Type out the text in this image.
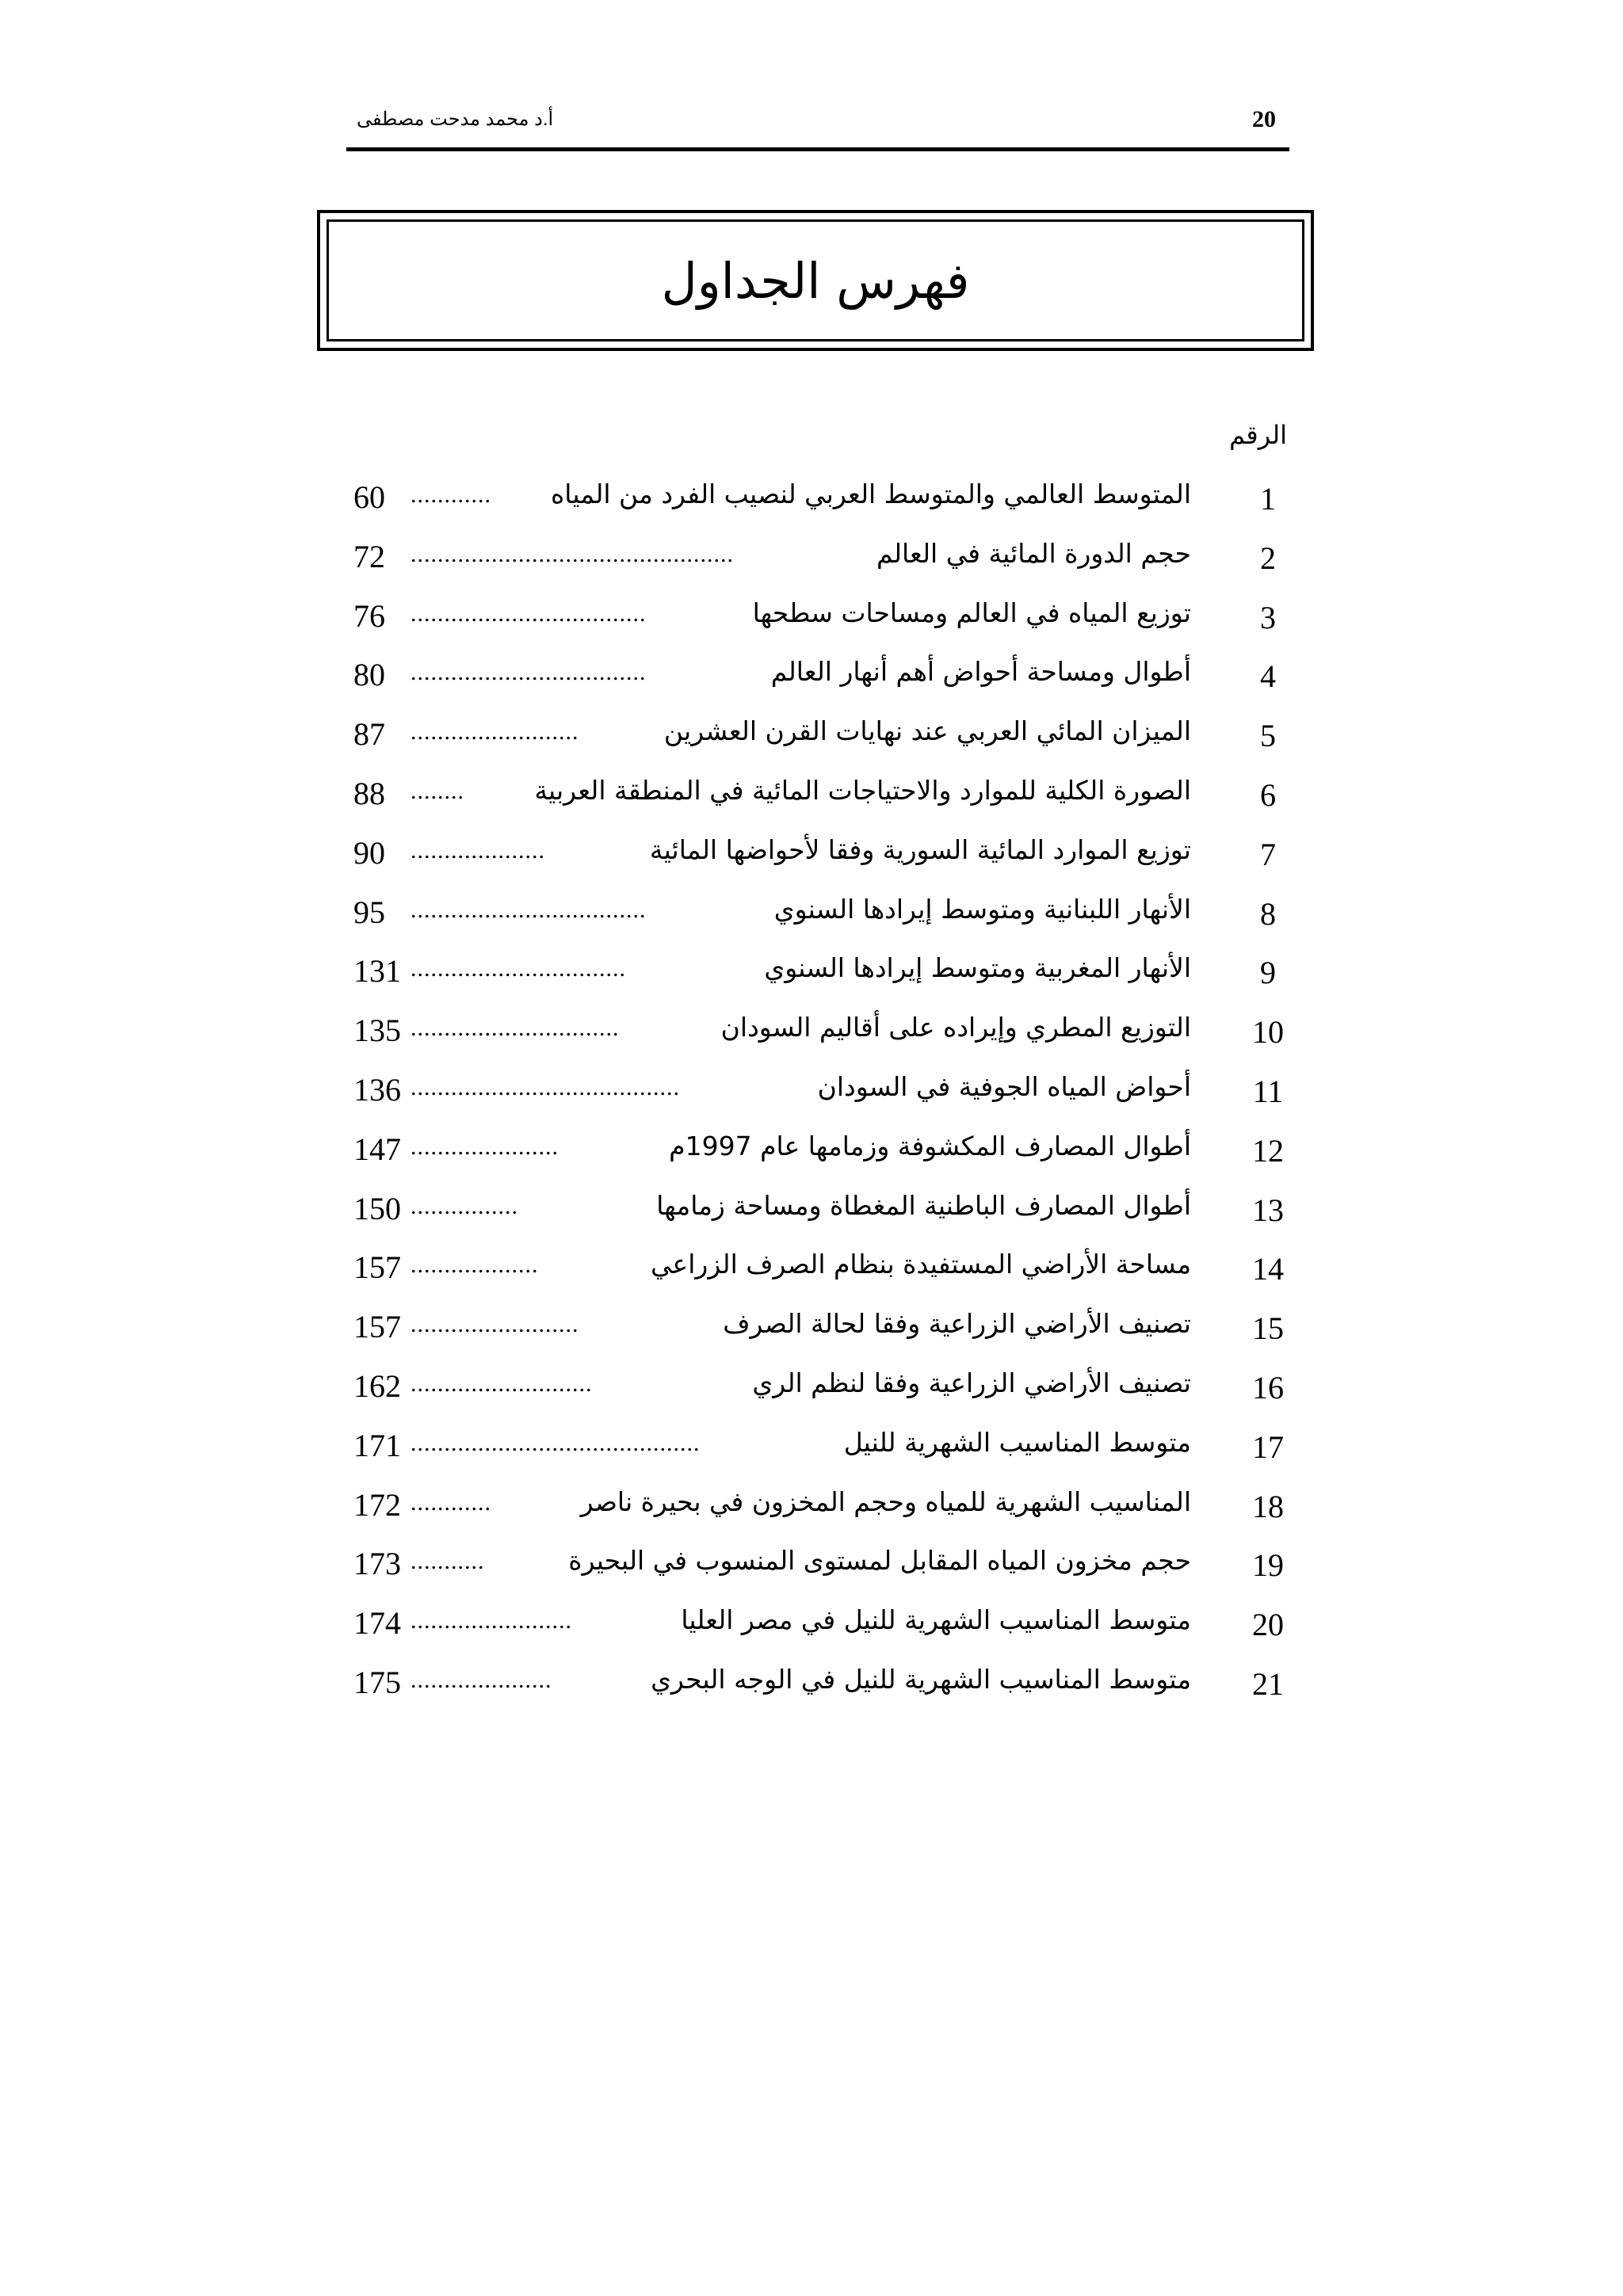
20
أ.د محمد مدحت مصطفى
فهرس الجداول
الرقم
1
المتوسط العالمي والمتوسط العربي لنصيب الفرد من المياه
............
60
2
حجم الدورة المائية في العالم
................................................
72
3
توزيع المياه في العالم ومساحات سطحها
...................................
76
4
أطوال ومساحة أحواض أهم أنهار العالم
...................................
80
5
الميزان المائي العربي عند نهايات القرن العشرين
.........................
87
6
الصورة الكلية للموارد والاحتياجات المائية في المنطقة العربية
........
88
7
توزيع الموارد المائية السورية وفقا لأحواضها المائية
....................
90
8
الأنهار اللبنانية ومتوسط إيرادها السنوي
...................................
95
9
الأنهار المغربية ومتوسط إيرادها السنوي
................................
131
10
التوزيع المطري وإيراده على أقاليم السودان
...............................
135
11
أحواض المياه الجوفية في السودان
........................................
136
12
أطوال المصارف المكشوفة وزمامها عام 1997م
......................
147
13
أطوال المصارف الباطنية المغطاة ومساحة زمامها
................
150
14
مساحة الأراضي المستفيدة بنظام الصرف الزراعي
...................
157
15
تصنيف الأراضي الزراعية وفقا لحالة الصرف
.........................
157
16
تصنيف الأراضي الزراعية وفقا لنظم الري
...........................
162
17
متوسط المناسيب الشهرية للنيل
...........................................
171
18
المناسيب الشهرية للمياه وحجم المخزون في بحيرة ناصر
............
172
19
حجم مخزون المياه المقابل لمستوى المنسوب في البحيرة
...........
173
20
متوسط المناسيب الشهرية للنيل في مصر العليا
........................
174
21
متوسط المناسيب الشهرية للنيل في الوجه البحري
.....................
175
